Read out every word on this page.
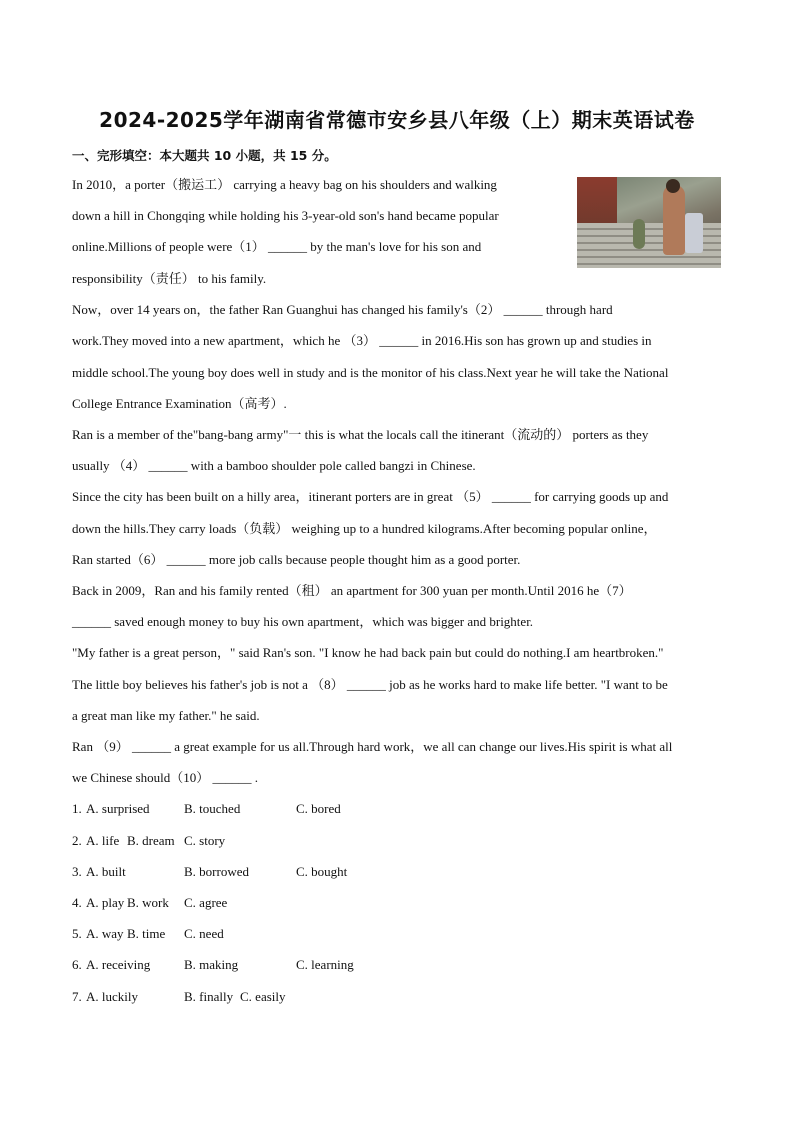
2024-2025学年湖南省常德市安乡县八年级（上）期末英语试卷
一、完形填空：本大题共 10 小题，共 15 分。
In 2010，a porter（搬运工） carrying a heavy bag on his shoulders and walking
down a hill in Chongqing while holding his 3-year-old son's hand became popular
online.Millions of people were（1） ______ by the man's love for his son and
responsibility（责任） to his family.
Now，over 14 years on，the father Ran Guanghui has changed his family's（2） ______ through hard
work.They moved into a new apartment，which he （3） ______ in 2016.His son has grown up and studies in
middle school.The young boy does well in study and is the monitor of his class.Next year he will take the National
College Entrance Examination（高考）.
Ran is a member of the"bang-bang army"一 this is what the locals call the itinerant（流动的） porters as they
usually （4） ______ with a bamboo shoulder pole called bangzi in Chinese.
Since the city has been built on a hilly area，itinerant porters are in great （5） ______ for carrying goods up and
down the hills.They carry loads（负载） weighing up to a hundred kilograms.After becoming popular online，
Ran started（6） ______ more job calls because people thought him as a good porter.
Back in 2009，Ran and his family rented（租） an apartment for 300 yuan per month.Until 2016 he（7）
______ saved enough money to buy his own apartment，which was bigger and brighter.
"My father is a great person，" said Ran's son. "I know he had back pain but could do nothing.I am heartbroken."
The little boy believes his father's job is not a （8） ______ job as he works hard to make life better. "I want to be
a great man like my father." he said.
Ran （9） ______ a great example for us all.Through hard work，we all can change our lives.His spirit is what all
we Chinese should（10） ______ .
1. A. surprised	B. touched	C. bored
2. A. life B. dream C. story
3. A. built	B. borrowed	C. bought
4. A. play B. work C. agree
5. A. way B. time C. need
6. A. receiving	B. making	C. learning
7. A. luckily	B. finally C. easily
